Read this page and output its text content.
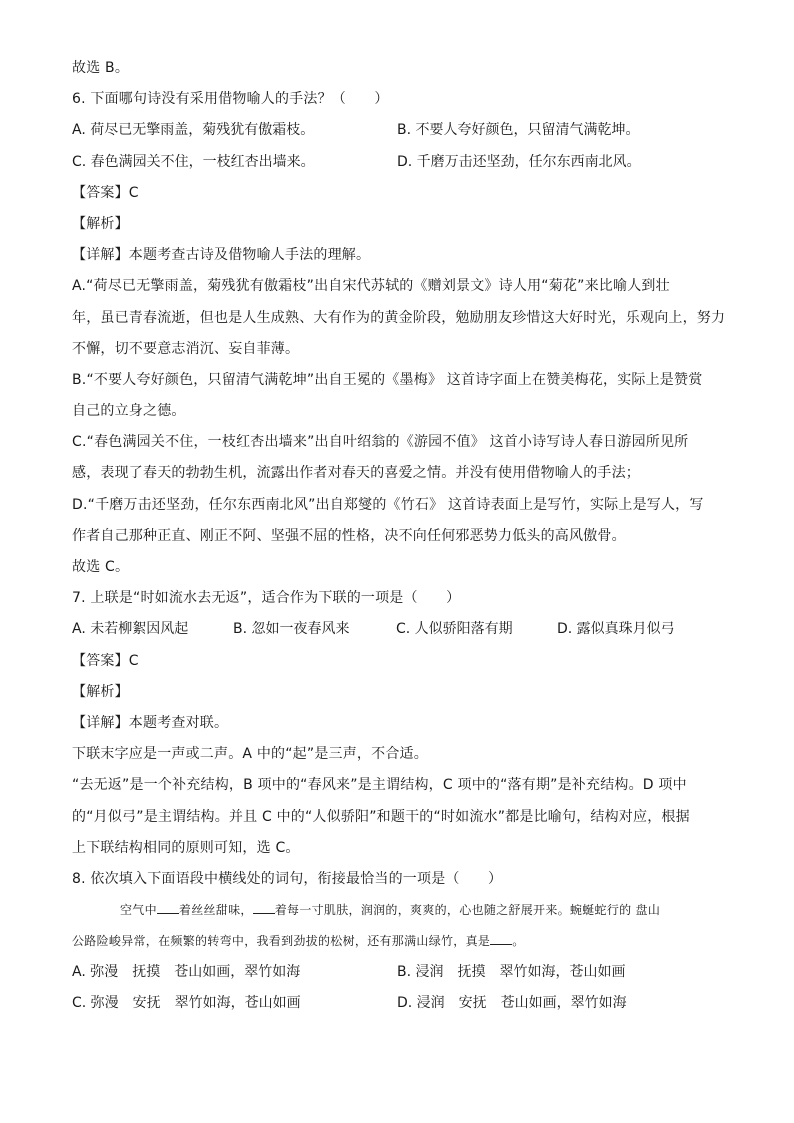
故选 B。
6. 下面哪句诗没有采用借物喻人的手法？（　　）
A. 荷尽已无擎雨盖，菊残犹有傲霜枝。	B. 不要人夸好颜色，只留清气满乾坤。
C. 春色满园关不住，一枝红杏出墙来。	D. 千磨万击还坚劲，任尔东西南北风。
【答案】C
【解析】
【详解】本题考查古诗及借物喻人手法的理解。
A.“荷尽已无擎雨盖，菊残犹有傲霜枝”出自宋代苏轼的《赠刘景文》诗人用“菊花”来比喻人到壮
年，虽已青春流逝，但也是人生成熟、大有作为的黄金阶段，勉励朋友珍惜这大好时光，乐观向上，努力
不懈，切不要意志消沉、妄自菲薄。
B.“不要人夸好颜色，只留清气满乾坤”出自王冕的《墨梅》 这首诗字面上在赞美梅花，实际上是赞赏
自己的立身之德。
C.“春色满园关不住，一枝红杏出墙来”出自叶绍翁的《游园不值》 这首小诗写诗人春日游园所见所
感，表现了春天的勃勃生机，流露出作者对春天的喜爱之情。并没有使用借物喻人的手法；
D.“千磨万击还坚劲，任尔东西南北风”出自郑燮的《竹石》 这首诗表面上是写竹，实际上是写人，写
作者自己那种正直、刚正不阿、坚强不屈的性格，决不向任何邪恶势力低头的高风傲骨。
故选 C。
7. 上联是“时如流水去无返”，适合作为下联的一项是（　　）
A. 未若柳絮因风起	B. 忽如一夜春风来	C. 人似骄阳落有期	D. 露似真珠月似弓
【答案】C
【解析】
【详解】本题考查对联。
下联末字应是一声或二声。A 中的“起”是三声，不合适。
“去无返”是一个补充结构，B 项中的“春风来”是主谓结构，C 项中的“落有期”是补充结构。D 项中
的“月似弓”是主谓结构。并且 C 中的“人似骄阳”和题干的“时如流水”都是比喻句，结构对应，根据
上下联结构相同的原则可知，选 C。
8. 依次填入下面语段中横线处的词句，衔接最恰当的一项是（　　）
空气中 着丝丝甜味， 着每一寸肌肤，润润的，爽爽的，心也随之舒展开来。蜿蜒蛇行的 盘山
公路险峻异常，在频繁的转弯中，我看到劲拔的松树，还有那满山绿竹，真是 。
A. 弥漫　抚摸　苍山如画，翠竹如海	B. 浸润　抚摸　翠竹如海，苍山如画
C. 弥漫　安抚　翠竹如海，苍山如画	D. 浸润　安抚　苍山如画，翠竹如海
